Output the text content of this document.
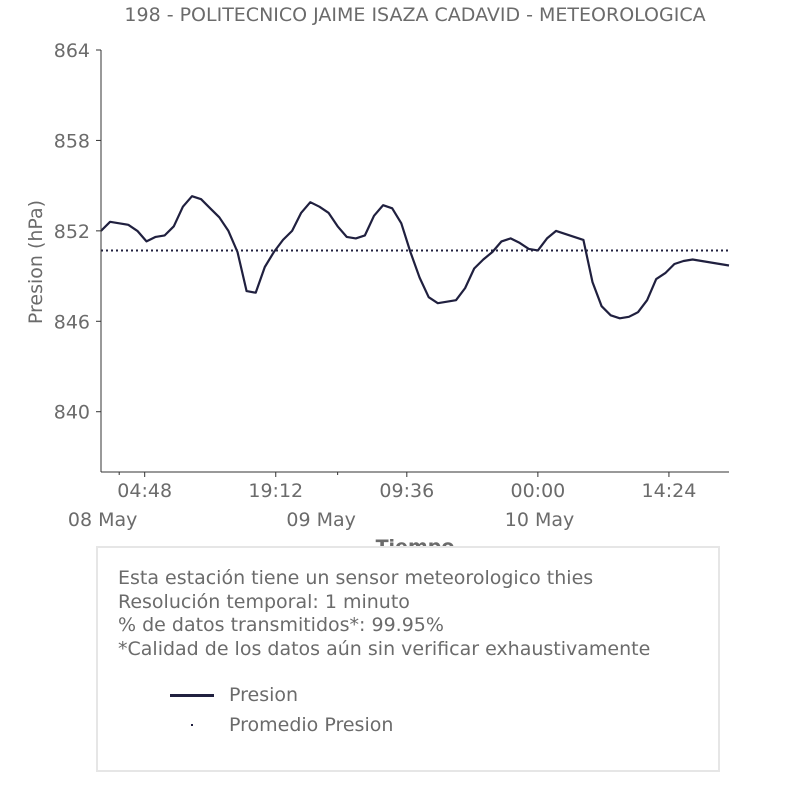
198 - POLITECNICO JAIME ISAZA CADAVID - METEOROLOGICA
840
846
852
858
864
04:48	19:12	09:36	00:00	14:24
08 May	09 May	10 May
Presion (hPa)
Esta estación tiene un sensor meteorologico thies
Resolución temporal: 1 minuto
% de datos transmitidos*: 99.95%
*Calidad de los datos aún sin verificar exhaustivamente
Presion
Promedio Presion
